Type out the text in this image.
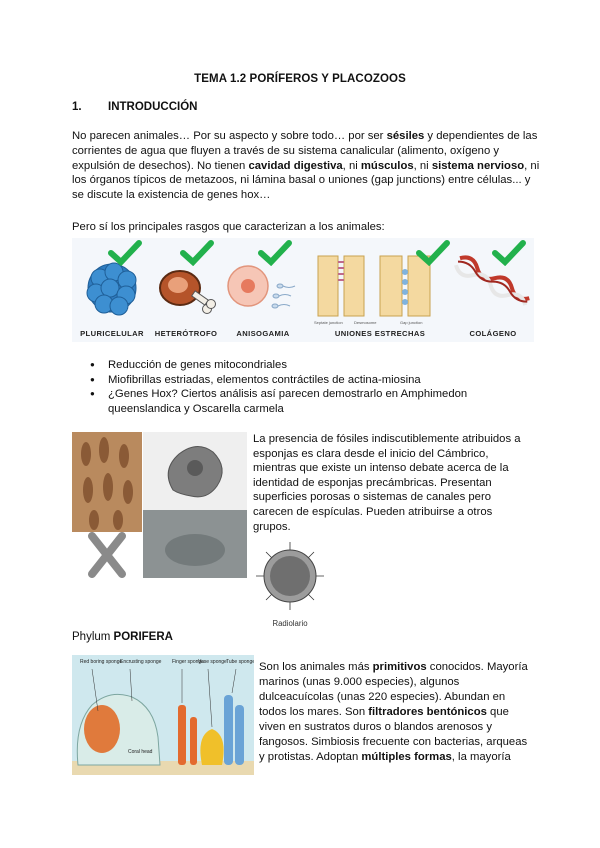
TEMA 1.2 PORÍFEROS Y PLACOZOOS
1. INTRODUCCIÓN
No parecen animales… Por su aspecto y sobre todo… por ser sésiles y dependientes de las corrientes de agua que fluyen a través de su sistema canalicular (alimento, oxígeno y expulsión de desechos). No tienen cavidad digestiva, ni músculos, ni sistema nervioso, ni los órganos típicos de metazoos, ni lámina basal o uniones (gap junctions) entre células... y se discute la existencia de genes hox…
Pero sí los principales rasgos que caracterizan a los animales:
PLURICELULAR	HETERÓTROFO	ANISOGAMIA
Septate junction	Desmosome	Gap junction
UNIONES ESTRECHAS	COLÁGENO
● Reducción de genes mitocondriales
● Miofibrillas estriadas, elementos contráctiles de actina-miosina
● ¿Genes Hox? Ciertos análisis así parecen demostrarlo en Amphimedon queenslandica y Oscarella carmela
La presencia de fósiles indiscutiblemente atribuidos a esponjas es clara desde el inicio del Cámbrico, mientras que existe un intenso debate acerca de la identidad de esponjas precámbricas. Presentan superficies porosas o sistemas de canales pero carecen de espículas. Pueden atribuirse a otros grupos.
Radiolario
Phylum PORIFERA
Red boring sponge
Encrusting sponge Finger sponge
Vase sponge Tube sponge
Coral head
Son los animales más primitivos conocidos. Mayoría marinos (unas 9.000 especies), algunos dulceacuícolas (unas 220 especies). Abundan en todos los mares. Son filtradores bentónicos que viven en sustratos duros o blandos arenosos y fangosos. Simbiosis frecuente con bacterias, arqueas y protistas. Adoptan múltiples formas, la mayoría
